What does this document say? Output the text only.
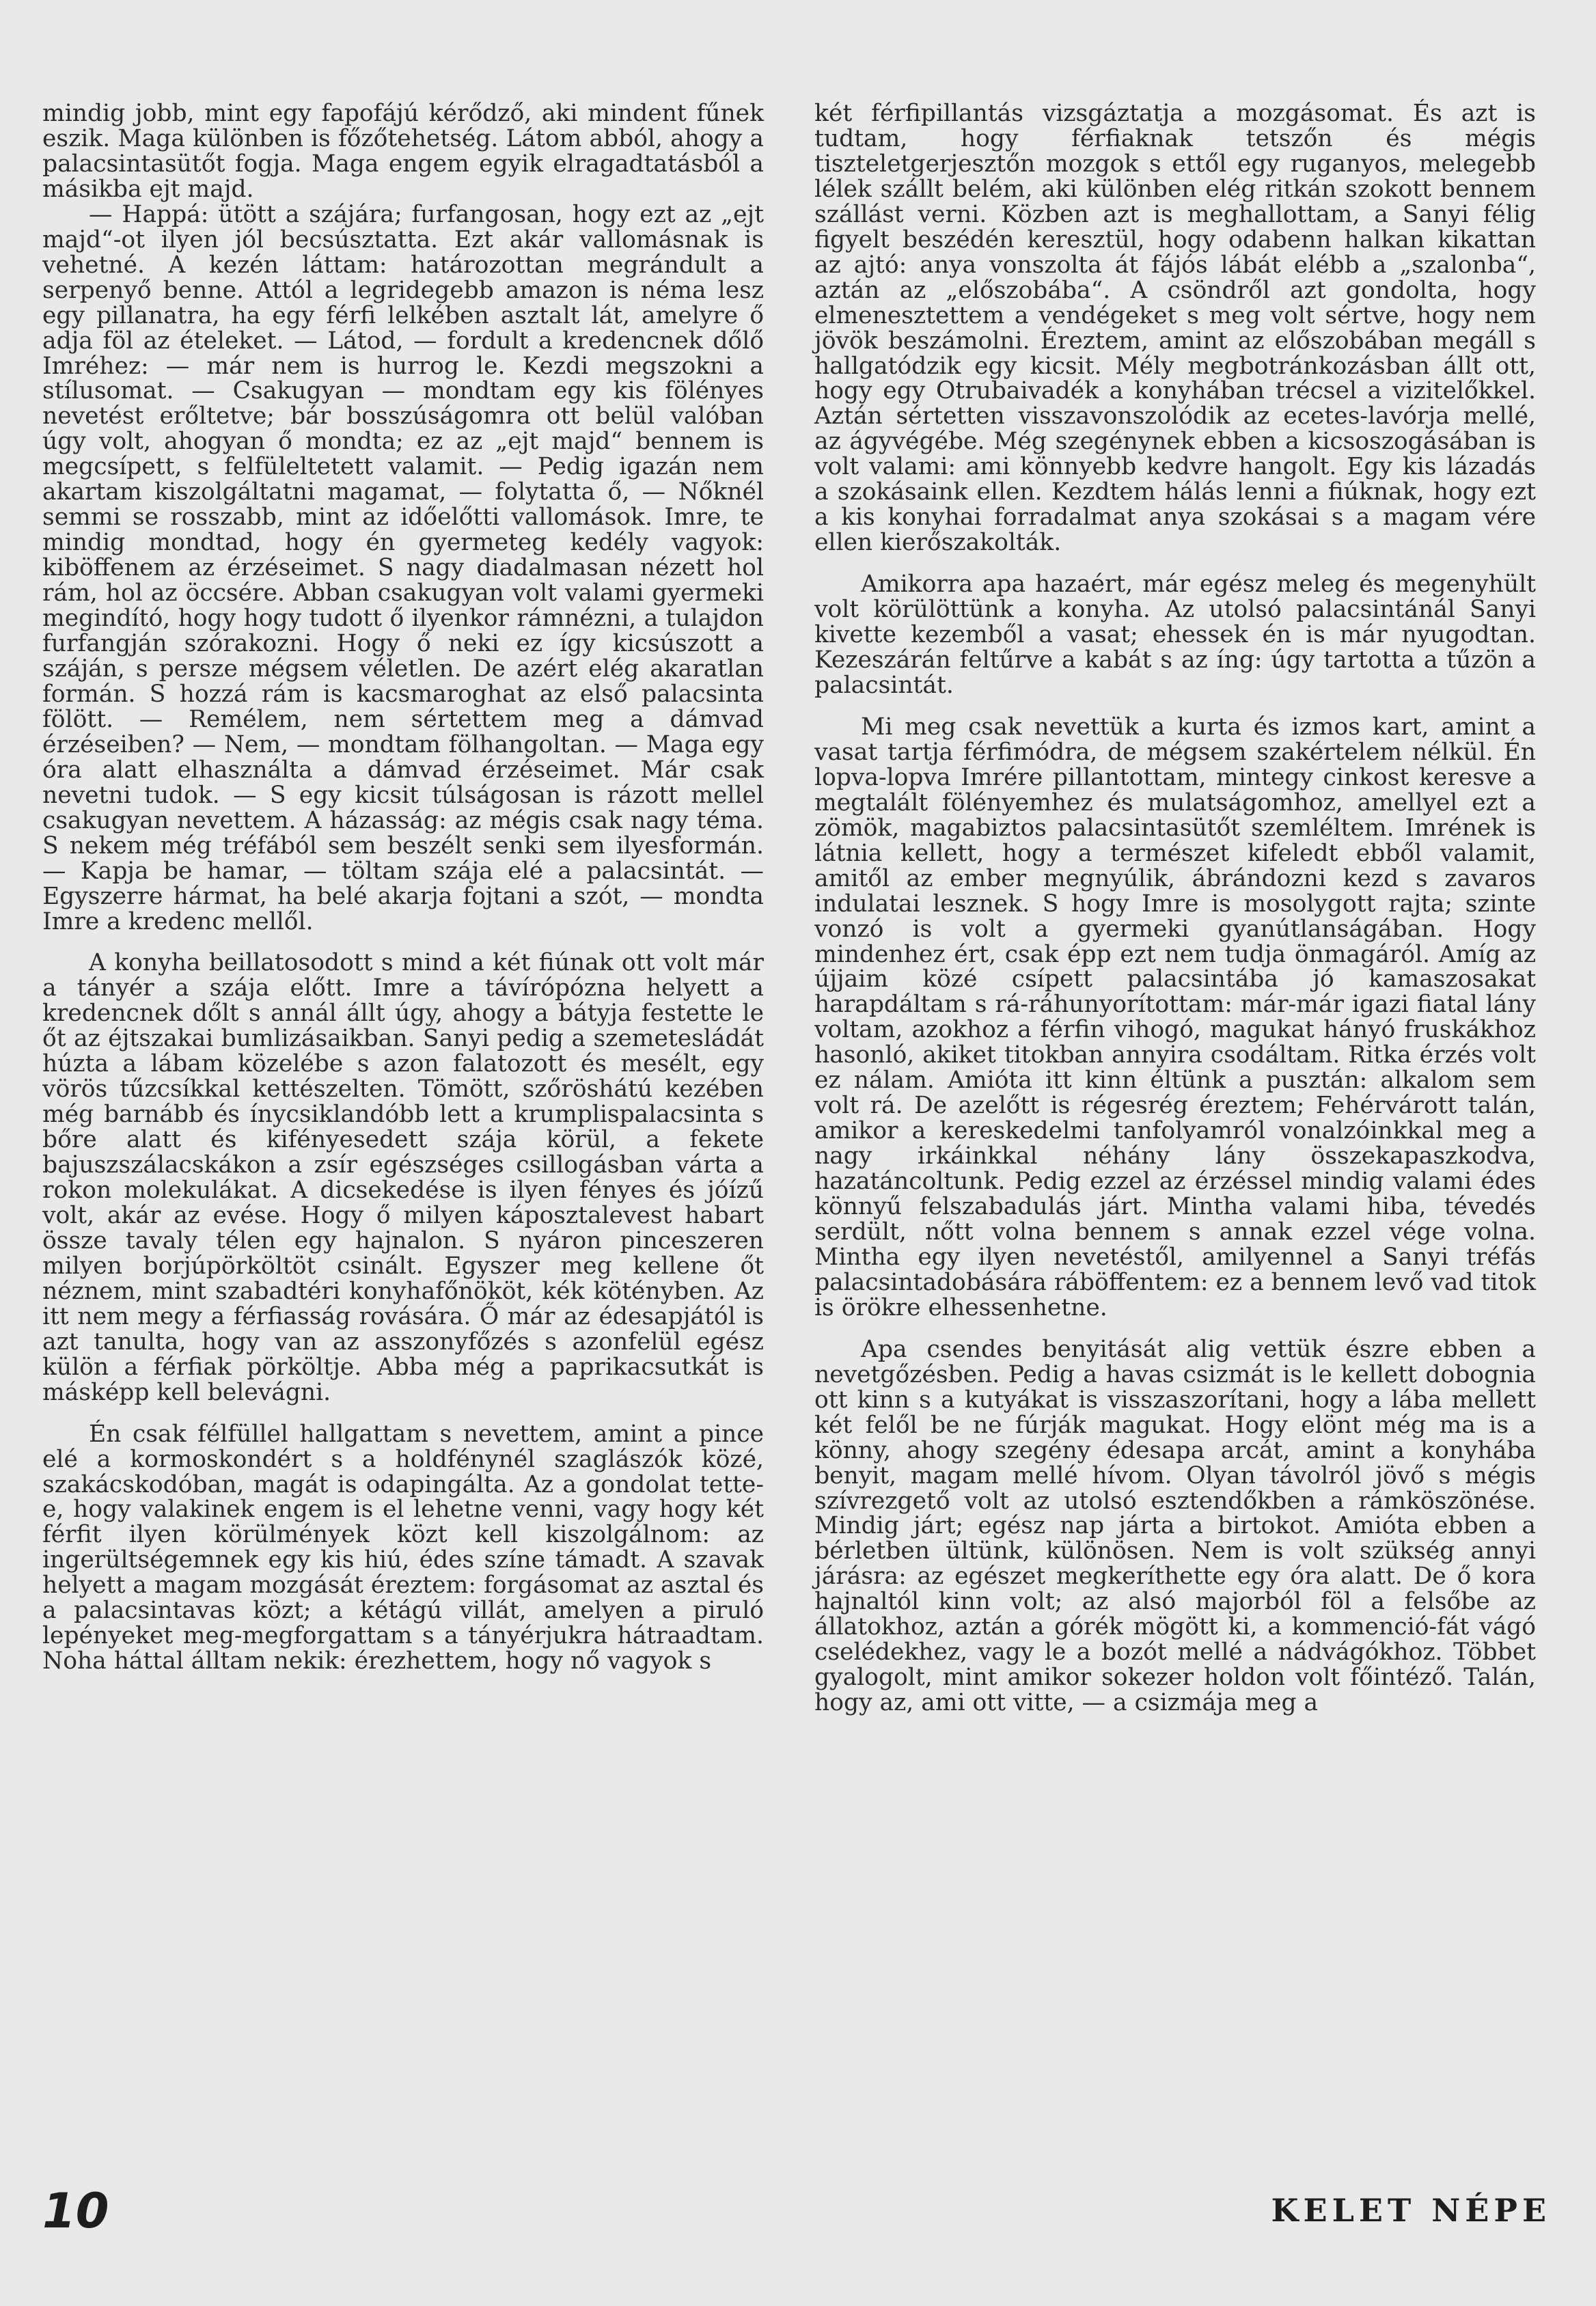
mindig jobb, mint egy fapofájú kérődző, aki mindent fűnek eszik. Maga különben is főzőtehetség. Látom abból, ahogy a palacsintasütőt fogja. Maga engem egyik elragadtatásból a másikba ejt majd.

— Happá: ütött a szájára; furfangosan, hogy ezt az „ejt majd“-ot ilyen jól becsúsztatta. Ezt akár vallomásnak is vehetné. A kezén láttam: határozottan megrándult a serpenyő benne. Attól a legridegebb amazon is néma lesz egy pillanatra, ha egy férfi lelkében asztalt lát, amelyre ő adja föl az ételeket. — Látod, — fordult a kredencnek dőlő Imréhez: — már nem is hurrog le. Kezdi megszokni a stílusomat. — Csakugyan — mondtam egy kis fölényes nevetést erőltetve; bár bosszúságomra ott belül valóban úgy volt, ahogyan ő mondta; ez az „ejt majd“ bennem is megcsípett, s felfüleltetett valamit. — Pedig igazán nem akartam kiszolgáltatni magamat, — folytatta ő, — Nőknél semmi se rosszabb, mint az időelőtti vallomások. Imre, te mindig mondtad, hogy én gyermeteg kedély vagyok: kiböffenem az érzéseimet. S nagy diadalmasan nézett hol rám, hol az öccsére. Abban csakugyan volt valami gyermeki megindító, hogy hogy tudott ő ilyenkor rámnézni, a tulajdon furfangján szórakozni. Hogy ő neki ez így kicsúszott a száján, s persze mégsem véletlen. De azért elég akaratlan formán. S hozzá rám is kacsmaroghat az első palacsinta fölött. — Remélem, nem sértettem meg a dámvad érzéseiben? — Nem, — mondtam fölhangoltan. — Maga egy óra alatt elhasználta a dámvad érzéseimet. Már csak nevetni tudok. — S egy kicsit túlságosan is rázott mellel csakugyan nevettem. A házasság: az mégis csak nagy téma. S nekem még tréfából sem beszélt senki sem ilyesformán. — Kapja be hamar, — töltam szája elé a palacsintát. — Egyszerre hármat, ha belé akarja fojtani a szót, — mondta Imre a kredenc mellől.

A konyha beillatosodott s mind a két fiúnak ott volt már a tányér a szája előtt. Imre a távírópózna helyett a kredencnek dőlt s annál állt úgy, ahogy a bátyja festette le őt az éjtszakai bumlizásaikban. Sanyi pedig a szemetesládát húzta a lábam közelébe s azon falatozott és mesélt, egy vörös tűzcsíkkal kettészelten. Tömött, szőröshátú kezében még barnább és ínycsiklandóbb lett a krumplispalacsinta s bőre alatt és kifényesedett szája körül, a fekete bajuszszálacskákon a zsír egészséges csillogásban várta a rokon molekulákat. A dicsekedése is ilyen fényes és jóízű volt, akár az evése. Hogy ő milyen káposztalevest habart össze tavaly télen egy hajnalon. S nyáron pinceszeren milyen borjúpörköltöt csinált. Egyszer meg kellene őt néznem, mint szabadtéri konyhafőnököt, kék kötényben. Az itt nem megy a férfiasság rovására. Ő már az édesapjától is azt tanulta, hogy van az asszonyfőzés s azonfelül egész külön a férfiak pörköltje. Abba még a paprikacsutkát is másképp kell belevágni.

Én csak félfüllel hallgattam s nevettem, amint a pince elé a kormoskondért s a holdfénynél szaglászók közé, szakácskodóban, magát is odapingálta. Az a gondolat tette-e, hogy valakinek engem is el lehetne venni, vagy hogy két férfit ilyen körülmények közt kell kiszolgálnom: az ingerültségemnek egy kis hiú, édes színe támadt. A szavak helyett a magam mozgását éreztem: forgásomat az asztal és a palacsintavas közt; a kétágú villát, amelyen a piruló lepényeket meg-megforgattam s a tányérjukra hátraadtam. Noha háttal álltam nekik: érezhettem, hogy nő vagyok s

két férfipillantás vizsgáztatja a mozgásomat. És azt is tudtam, hogy férfiaknak tetszőn és mégis tiszteletgerjesztőn mozgok s ettől egy ruganyos, melegebb lélek szállt belém, aki különben elég ritkán szokott bennem szállást verni. Közben azt is meghallottam, a Sanyi félig figyelt beszédén keresztül, hogy odabenn halkan kikattan az ajtó: anya vonszolta át fájós lábát elébb a „szalonba“, aztán az „előszobába“. A csöndről azt gondolta, hogy elmenesztettem a vendégeket s meg volt sértve, hogy nem jövök beszámolni. Éreztem, amint az előszobában megáll s hallgatódzik egy kicsit. Mély megbotránkozásban állt ott, hogy egy Otrubaivadék a konyhában trécsel a vizitelőkkel. Aztán sértetten visszavonszolódik az ecetes-lavórja mellé, az ágyvégébe. Még szegénynek ebben a kicsoszogásában is volt valami: ami könnyebb kedvre hangolt. Egy kis lázadás a szokásaink ellen. Kezdtem hálás lenni a fiúknak, hogy ezt a kis konyhai forradalmat anya szokásai s a magam vére ellen kierőszakolták.

Amikorra apa hazaért, már egész meleg és megenyhült volt körülöttünk a konyha. Az utolsó palacsintánál Sanyi kivette kezemből a vasat; ehessek én is már nyugodtan. Kezeszárán feltűrve a kabát s az íng: úgy tartotta a tűzön a palacsintát.

Mi meg csak nevettük a kurta és izmos kart, amint a vasat tartja férfimódra, de mégsem szakértelem nélkül. Én lopva-lopva Imrére pillantottam, mintegy cinkost keresve a megtalált fölényemhez és mulatságomhoz, amellyel ezt a zömök, magabiztos palacsintasütőt szemléltem. Imrének is látnia kellett, hogy a természet kifeledt ebből valamit, amitől az ember megnyúlik, ábrándozni kezd s zavaros indulatai lesznek. S hogy Imre is mosolygott rajta; szinte vonzó is volt a gyermeki gyanútlanságában. Hogy mindenhez ért, csak épp ezt nem tudja önmagáról. Amíg az újjaim közé csípett palacsintába jó kamaszosakat harapdáltam s rá-ráhunyorítottam: már-már igazi fiatal lány voltam, azokhoz a férfin vihogó, magukat hányó fruskákhoz hasonló, akiket titokban annyira csodáltam. Ritka érzés volt ez nálam. Amióta itt kinn éltünk a pusztán: alkalom sem volt rá. De azelőtt is régesrég éreztem; Fehérvárott talán, amikor a kereskedelmi tanfolyamról vonalzóinkkal meg a nagy irkáinkkal néhány lány összekapaszkodva, hazatáncoltunk. Pedig ezzel az érzéssel mindig valami édes könnyű felszabadulás járt. Mintha valami hiba, tévedés serdült, nőtt volna bennem s annak ezzel vége volna. Mintha egy ilyen nevetéstől, amilyennel a Sanyi tréfás palacsintadobására ráböffentem: ez a bennem levő vad titok is örökre elhessenhetne.

Apa csendes benyitását alig vettük észre ebben a nevetgőzésben. Pedig a havas csizmát is le kellett dobognia ott kinn s a kutyákat is visszaszorítani, hogy a lába mellett két felől be ne fúrják magukat. Hogy elönt még ma is a könny, ahogy szegény édesapa arcát, amint a konyhába benyit, magam mellé hívom. Olyan távolról jövő s mégis szívrezgető volt az utolsó esztendőkben a rámköszönése. Mindig járt; egész nap járta a birtokot. Amióta ebben a bérletben ültünk, különösen. Nem is volt szükség annyi járásra: az egészet megkeríthette egy óra alatt. De ő kora hajnaltól kinn volt; az alsó majorból föl a felsőbe az állatokhoz, aztán a górék mögött ki, a kommenció-fát vágó cselédekhez, vagy le a bozót mellé a nádvágókhoz. Többet gyalogolt, mint amikor sokezer holdon volt főintéző. Talán, hogy az, ami ott vitte, — a csizmája meg a

10	KELET NÉPE
